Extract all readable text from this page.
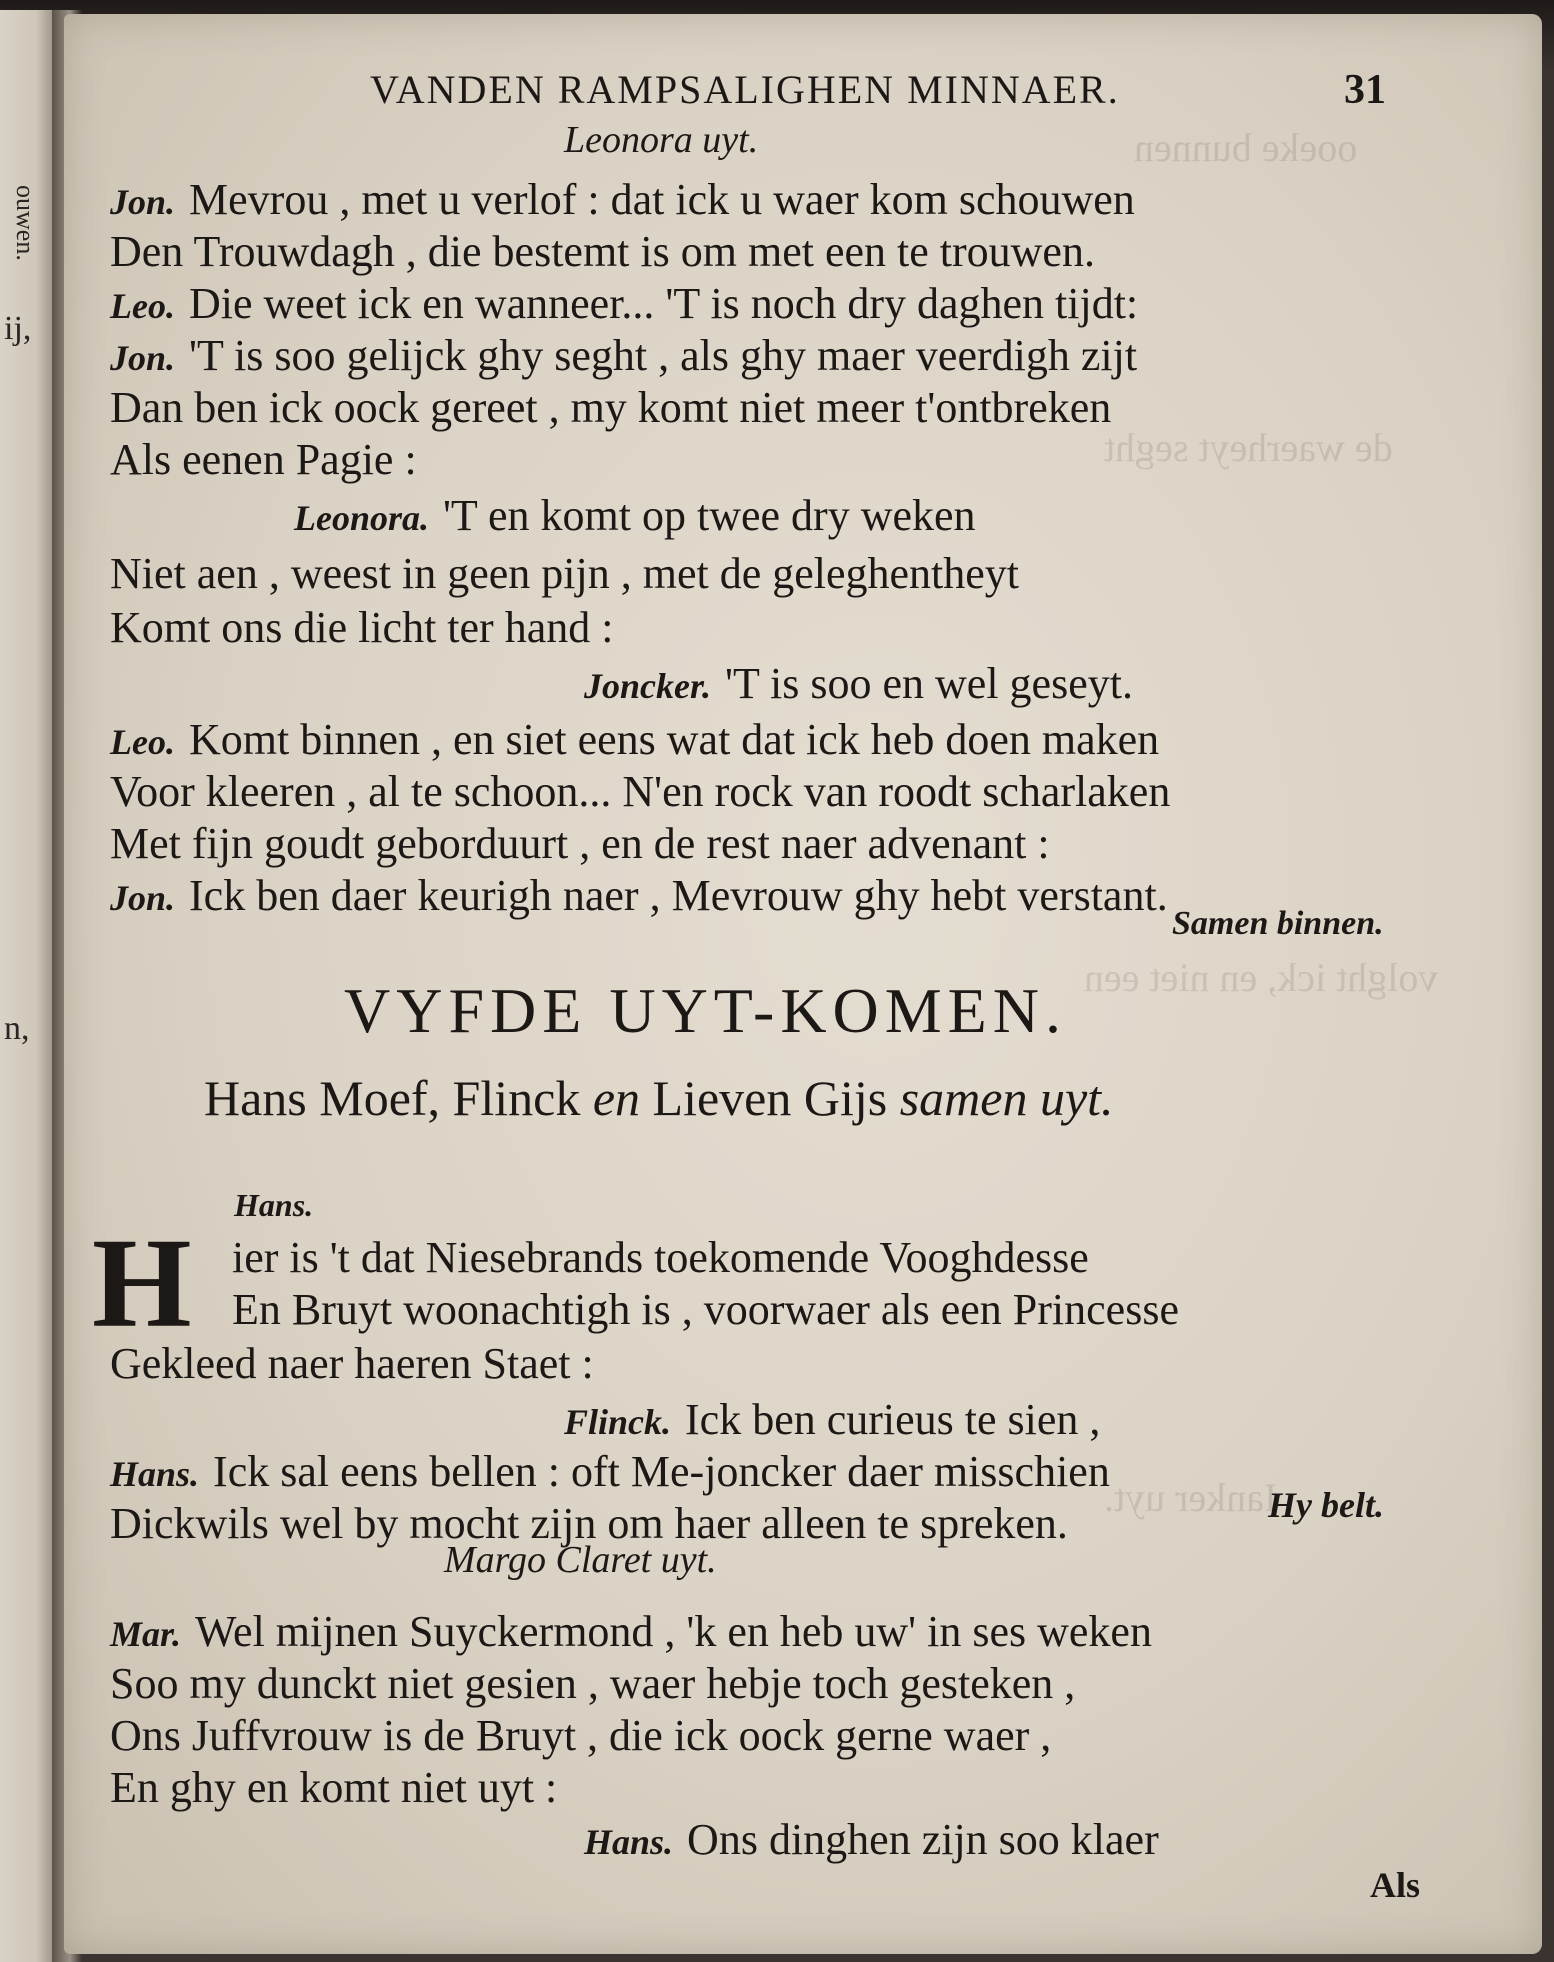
ouwen.
ij,
n,
ooeke bunnen
de waerheyt seght
volght ick, en niet een
Ianker uyt.
VANDEN RAMPSALIGHEN MINNAER.	31
Leonora uyt.
Jon. Mevrou , met u verlof : dat ick u waer kom schouwen
Den Trouwdagh , die bestemt is om met een te trouwen.
Leo. Die weet ick en wanneer... 'T is noch dry daghen tijdt:
Jon. 'T is soo gelijck ghy seght , als ghy maer veerdigh zijt
Dan ben ick oock gereet , my komt niet meer t'ontbreken
Als eenen Pagie :
Leonora. 'T en komt op twee dry weken
Niet aen , weest in geen pijn , met de geleghentheyt
Komt ons die licht ter hand :
Joncker. 'T is soo en wel geseyt.
Leo. Komt binnen , en siet eens wat dat ick heb doen maken
Voor kleeren , al te schoon... N'en rock van roodt scharlaken
Met fijn goudt geborduurt , en de rest naer advenant :
Jon. Ick ben daer keurigh naer , Mevrouw ghy hebt verstant.
Samen binnen.
VYFDE UYT-KOMEN.
Hans Moef, Flinck en Lieven Gijs samen uyt.
Hans.
H ier is 't dat Niesebrands toekomende Vooghdesse
En Bruyt woonachtigh is , voorwaer als een Princesse
Gekleed naer haeren Staet :
Flinck. Ick ben curieus te sien ,
Hans. Ick sal eens bellen : oft Me-joncker daer misschien
Dickwils wel by mocht zijn om haer alleen te spreken.	Hy belt.
Margo Claret uyt.
Mar. Wel mijnen Suyckermond , 'k en heb uw' in ses weken
Soo my dunckt niet gesien , waer hebje toch gesteken ,
Ons Juffvrouw is de Bruyt , die ick oock gerne waer ,
En ghy en komt niet uyt :
Hans. Ons dinghen zijn soo klaer
Als
